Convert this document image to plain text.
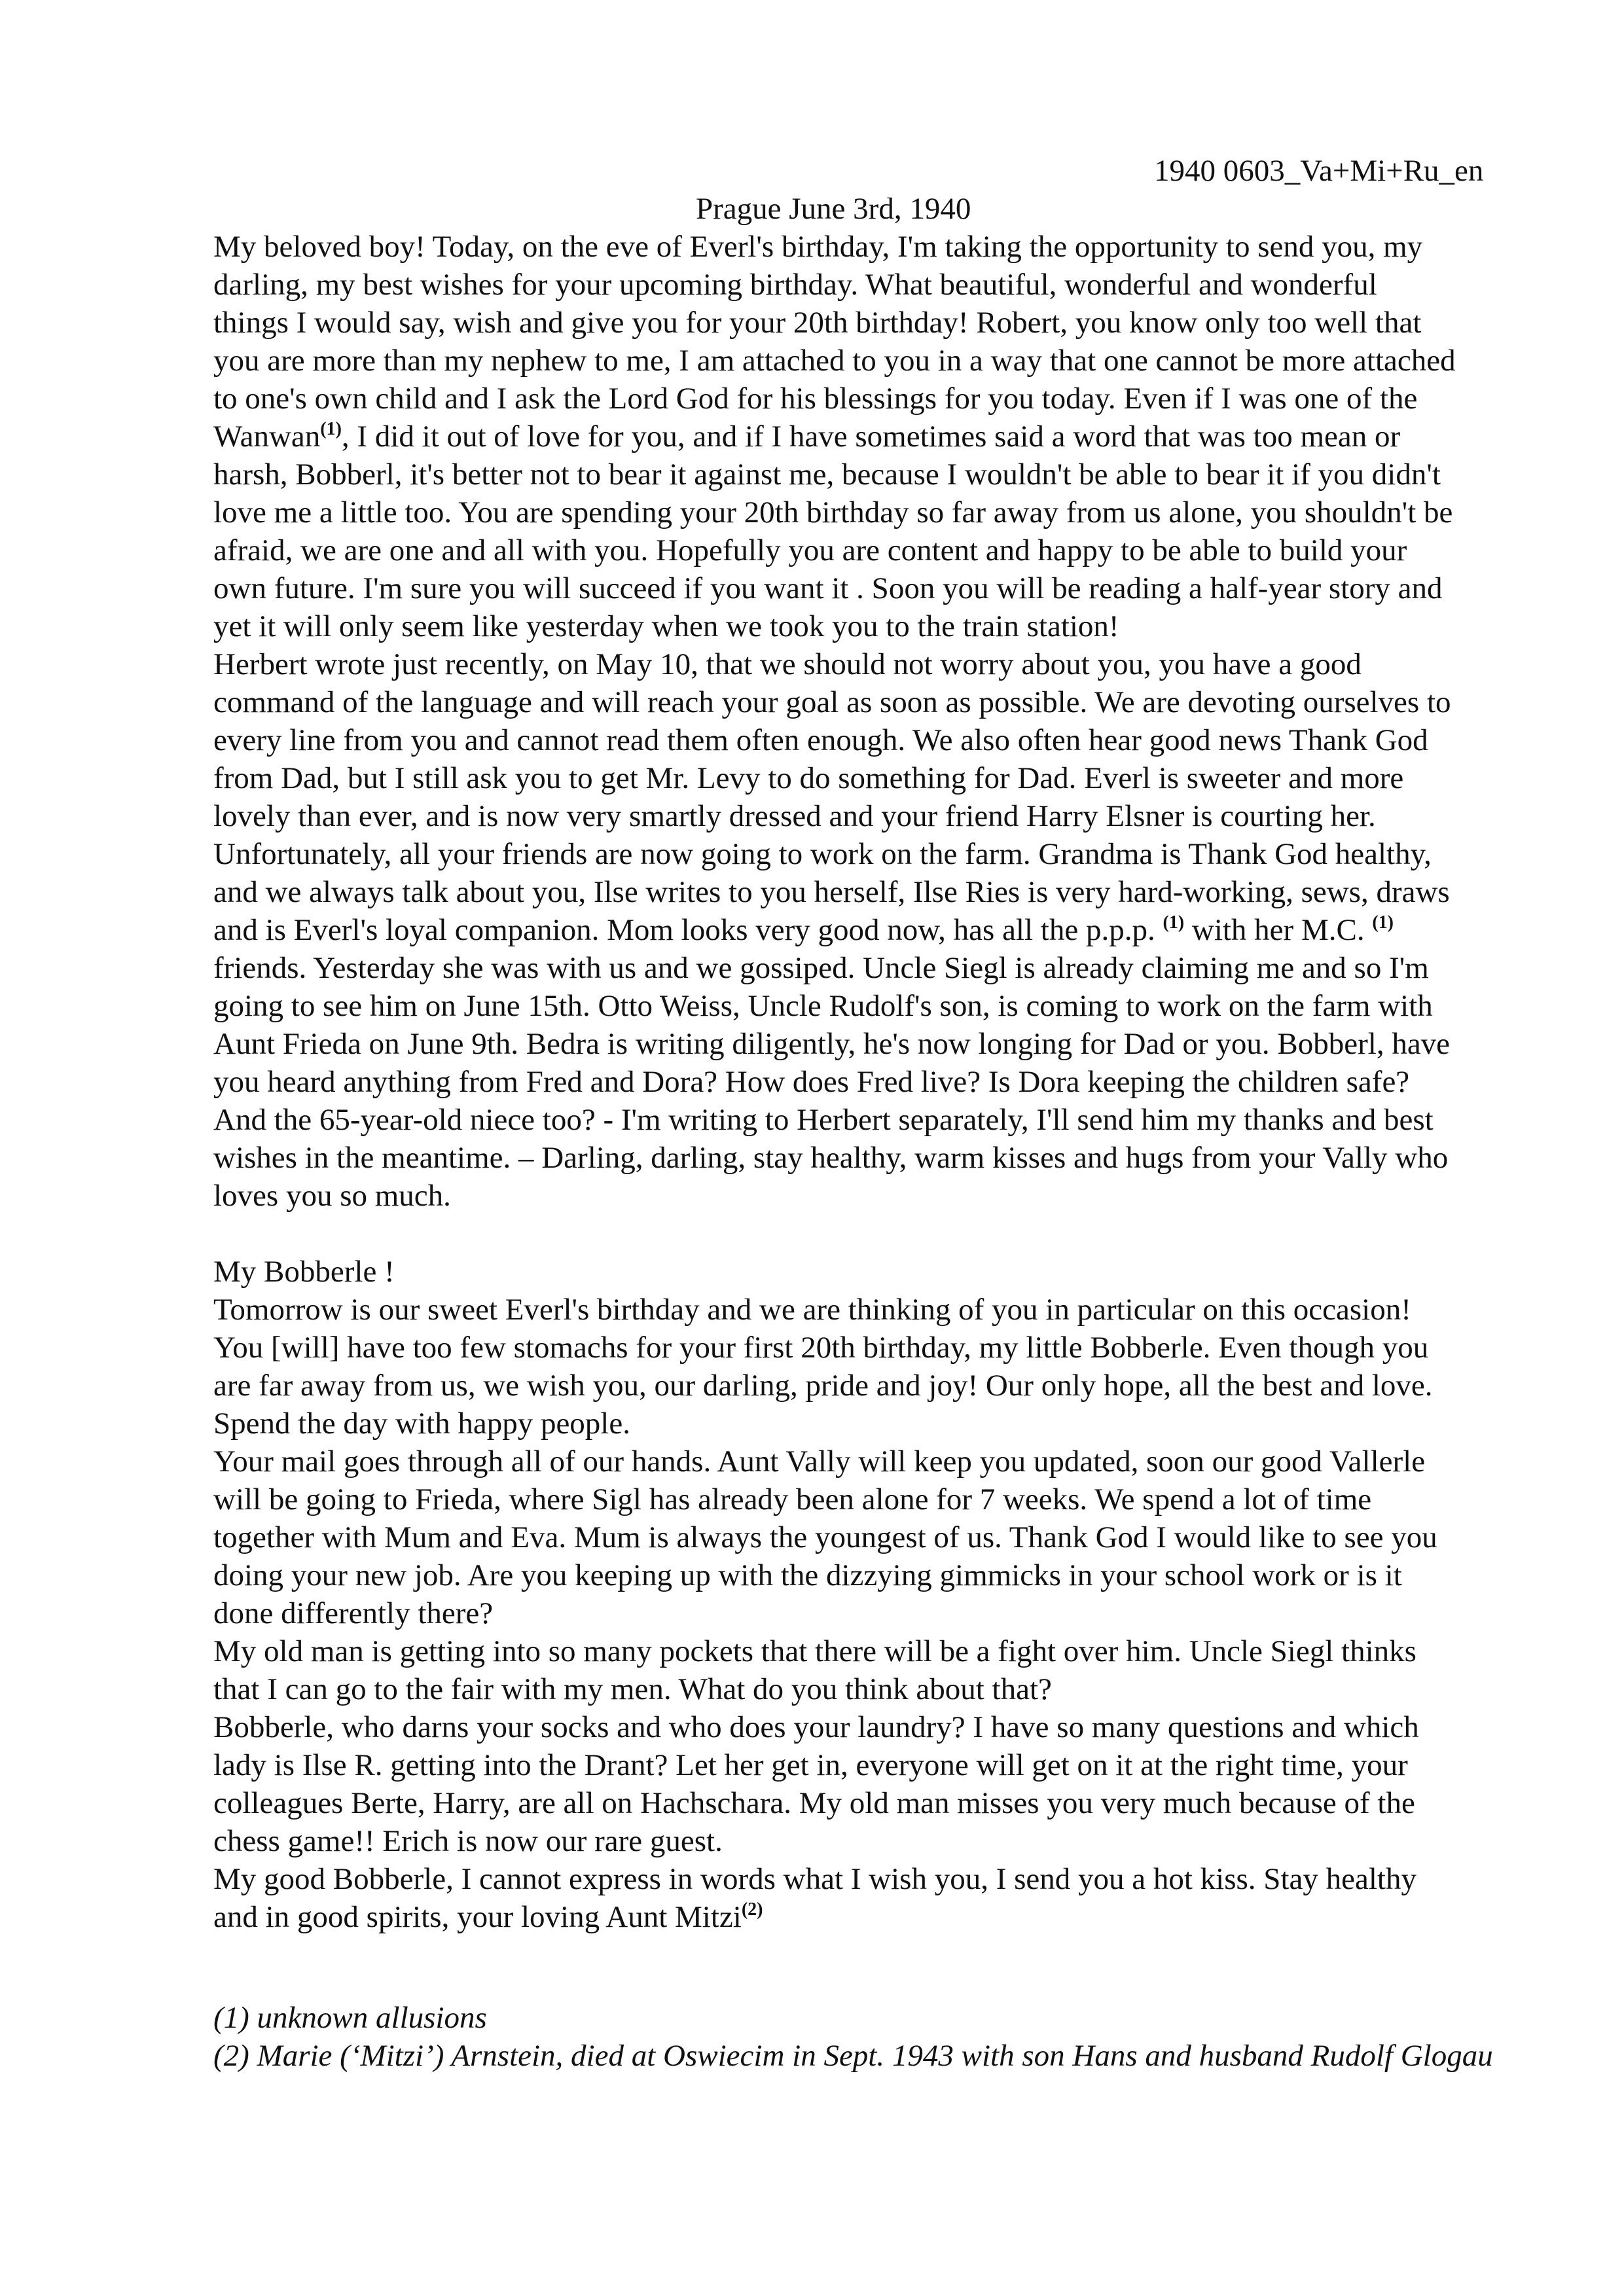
1940 0603_Va+Mi+Ru_en
Prague June 3rd, 1940

My beloved boy! Today, on the eve of Everl's birthday, I'm taking the opportunity to send you, my
darling, my best wishes for your upcoming birthday. What beautiful, wonderful and wonderful
things I would say, wish and give you for your 20th birthday! Robert, you know only too well that
you are more than my nephew to me, I am attached to you in a way that one cannot be more attached
to one's own child and I ask the Lord God for his blessings for you today. Even if I was one of the
Wanwan$^{(1)}$, I did it out of love for you, and if I have sometimes said a word that was too mean or
harsh, Bobberl, it's better not to bear it against me, because I wouldn't be able to bear it if you didn't
love me a little too. You are spending your 20th birthday so far away from us alone, you shouldn't be
afraid, we are one and all with you. Hopefully you are content and happy to be able to build your
own future. I'm sure you will succeed if you want it . Soon you will be reading a half-year story and
yet it will only seem like yesterday when we took you to the train station!
Herbert wrote just recently, on May 10, that we should not worry about you, you have a good
command of the language and will reach your goal as soon as possible. We are devoting ourselves to
every line from you and cannot read them often enough. We also often hear good news Thank God
from Dad, but I still ask you to get Mr. Levy to do something for Dad. Everl is sweeter and more
lovely than ever, and is now very smartly dressed and your friend Harry Elsner is courting her.
Unfortunately, all your friends are now going to work on the farm. Grandma is Thank God healthy,
and we always talk about you, Ilse writes to you herself, Ilse Ries is very hard-working, sews, draws
and is Everl's loyal companion. Mom looks very good now, has all the p.p.p. $^{(1)}$ with her M.C. $^{(1)}$
friends. Yesterday she was with us and we gossiped. Uncle Siegl is already claiming me and so I'm
going to see him on June 15th. Otto Weiss, Uncle Rudolf's son, is coming to work on the farm with
Aunt Frieda on June 9th. Bedra is writing diligently, he's now longing for Dad or you. Bobberl, have
you heard anything from Fred and Dora? How does Fred live? Is Dora keeping the children safe?
And the 65-year-old niece too? - I'm writing to Herbert separately, I'll send him my thanks and best
wishes in the meantime. – Darling, darling, stay healthy, warm kisses and hugs from your Vally who
loves you so much.

My Bobberle !
Tomorrow is our sweet Everl's birthday and we are thinking of you in particular on this occasion!
You [will] have too few stomachs for your first 20th birthday, my little Bobberle. Even though you
are far away from us, we wish you, our darling, pride and joy! Our only hope, all the best and love.
Spend the day with happy people.
Your mail goes through all of our hands. Aunt Vally will keep you updated, soon our good Vallerle
will be going to Frieda, where Sigl has already been alone for 7 weeks. We spend a lot of time
together with Mum and Eva. Mum is always the youngest of us. Thank God I would like to see you
doing your new job. Are you keeping up with the dizzying gimmicks in your school work or is it
done differently there?
My old man is getting into so many pockets that there will be a fight over him. Uncle Siegl thinks
that I can go to the fair with my men. What do you think about that?
Bobberle, who darns your socks and who does your laundry? I have so many questions and which
lady is Ilse R. getting into the Drant? Let her get in, everyone will get on it at the right time, your
colleagues Berte, Harry, are all on Hachschara. My old man misses you very much because of the
chess game!! Erich is now our rare guest.
My good Bobberle, I cannot express in words what I wish you, I send you a hot kiss. Stay healthy
and in good spirits, your loving Aunt Mitzi$^{(2)}$

(1) unknown allusions
(2) Marie (‘Mitzi’) Arnstein, died at Oswiecim in Sept. 1943 with son Hans and husband Rudolf Glogau
